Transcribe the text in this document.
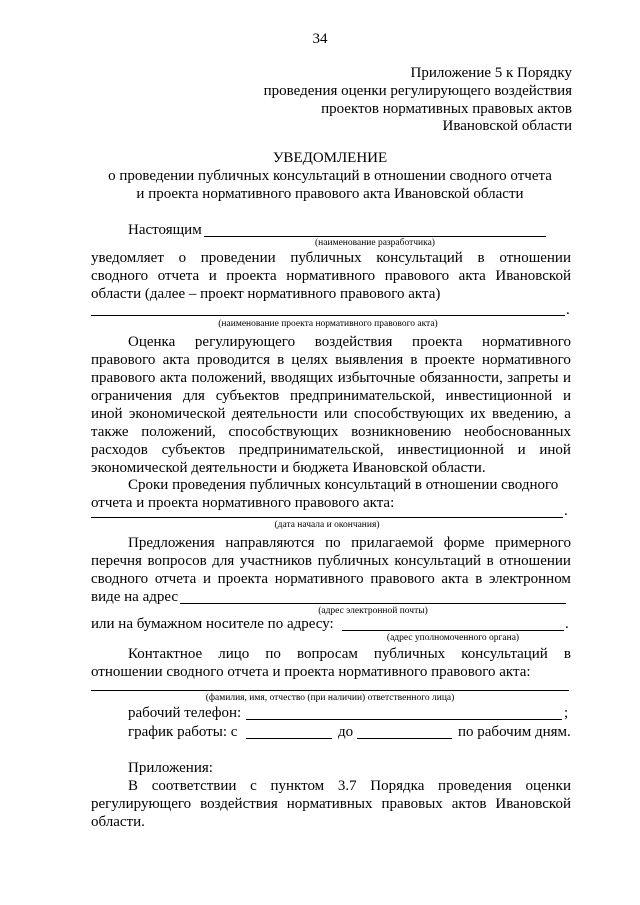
34
Приложение 5 к Порядку
проведения оценки регулирующего воздействия
проектов нормативных правовых актов
Ивановской области
УВЕДОМЛЕНИЕ
о проведении публичных консультаций в отношении сводного отчета
и проекта нормативного правового акта Ивановской области
Настоящим
(наименование разработчика)
уведомляет о проведении публичных консультаций в отношении
сводного отчета и проекта нормативного правового акта Ивановской
области (далее – проект нормативного правового акта)
.
(наименование проекта нормативного правового акта)
Оценка регулирующего воздействия проекта нормативного
правового акта проводится в целях выявления в проекте нормативного
правового акта положений, вводящих избыточные обязанности, запреты и
ограничения для субъектов предпринимательской, инвестиционной и
иной экономической деятельности или способствующих их введению, а
также положений, способствующих возникновению необоснованных
расходов субъектов предпринимательской, инвестиционной и иной
экономической деятельности и бюджета Ивановской области.
Сроки проведения публичных консультаций в отношении сводного
отчета и проекта нормативного правового акта:	.
(дата начала и окончания)
Предложения направляются по прилагаемой форме примерного
перечня вопросов для участников публичных консультаций в отношении
сводного отчета и проекта нормативного правового акта в электронном
виде на адрес
(адрес электронной почты)
или на бумажном носителе по адресу:	.
(адрес уполномоченного органа)
Контактное лицо по вопросам публичных консультаций в
отношении сводного отчета и проекта нормативного правового акта:
(фамилия, имя, отчество (при наличии) ответственного лица)
рабочий телефон:	;
график работы: с	до	по рабочим дням.
Приложения:
В соответствии с пунктом 3.7 Порядка проведения оценки
регулирующего воздействия нормативных правовых актов Ивановской
области.
